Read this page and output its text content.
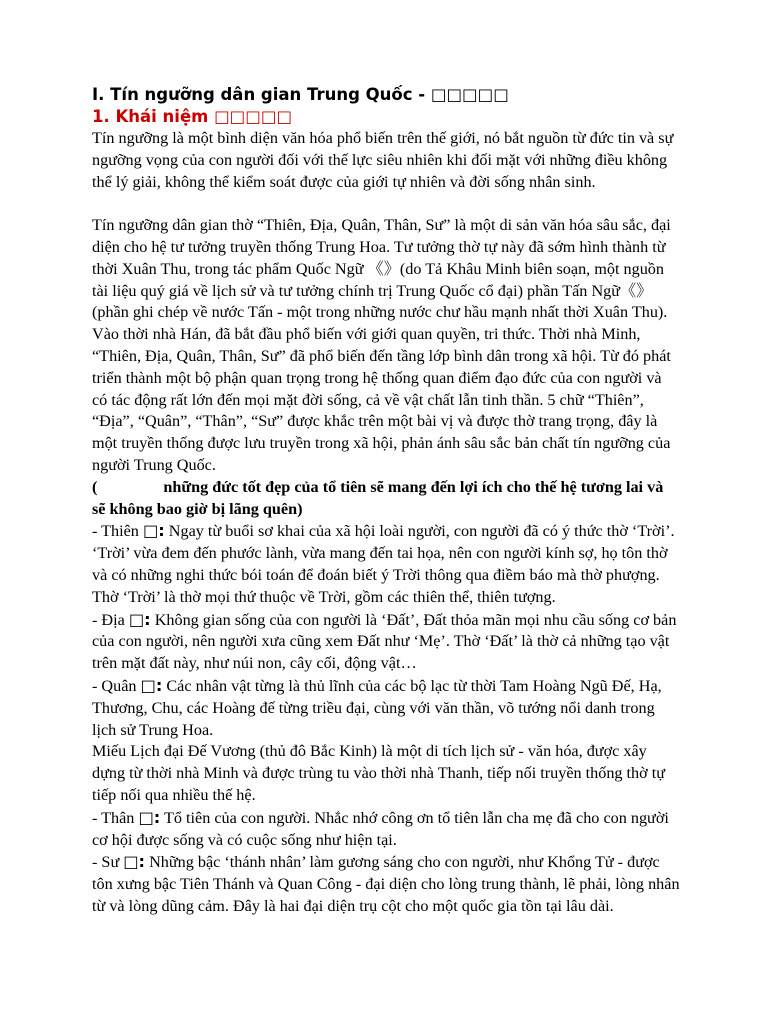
I. Tín ngưỡng dân gian Trung Quốc - □□□□□
1. Khái niệm □□□□□

Tín ngưỡng là một bình diện văn hóa phổ biến trên thế giới, nó bắt nguồn từ đức tin và sự ngưỡng vọng của con người đối với thế lực siêu nhiên khi đối mặt với những điều không thể lý giải, không thể kiểm soát được của giới tự nhiên và đời sống nhân sinh.

Tín ngưỡng dân gian thờ “Thiên, Địa, Quân, Thân, Sư” là một di sản văn hóa sâu sắc, đại diện cho hệ tư tưởng truyền thống Trung Hoa. Tư tưởng thờ tự này đã sớm hình thành từ thời Xuân Thu, trong tác phẩm Quốc Ngữ 《》(do Tả Khâu Minh biên soạn, một nguồn tài liệu quý giá về lịch sử và tư tưởng chính trị Trung Quốc cổ đại) phần Tấn Ngữ《》(phần ghi chép về nước Tấn - một trong những nước chư hầu mạnh nhất thời Xuân Thu). Vào thời nhà Hán, đã bắt đầu phổ biến với giới quan quyền, tri thức. Thời nhà Minh, “Thiên, Địa, Quân, Thân, Sư” đã phổ biến đến tầng lớp bình dân trong xã hội. Từ đó phát triển thành một bộ phận quan trọng trong hệ thống quan điểm đạo đức của con người và có tác động rất lớn đến mọi mặt đời sống, cả về vật chất lẫn tinh thần. 5 chữ “Thiên”, “Địa”, “Quân”, “Thân”, “Sư” được khắc trên một bài vị và được thờ trang trọng, đây là một truyền thống được lưu truyền trong xã hội, phản ánh sâu sắc bản chất tín ngưỡng của người Trung Quốc.

(	những đức tốt đẹp của tổ tiên sẽ mang đến lợi ích cho thế hệ tương lai và sẽ không bao giờ bị lãng quên)

- Thiên □: Ngay từ buổi sơ khai của xã hội loài người, con người đã có ý thức thờ ‘Trời’. ‘Trời’ vừa đem đến phước lành, vừa mang đến tai họa, nên con người kính sợ, họ tôn thờ và có những nghi thức bói toán để đoán biết ý Trời thông qua điềm báo mà thờ phượng. Thờ ‘Trời’ là thờ mọi thứ thuộc về Trời, gồm các thiên thể, thiên tượng.

- Địa □: Không gian sống của con người là ‘Đất’, Đất thỏa mãn mọi nhu cầu sống cơ bản của con người, nên người xưa cũng xem Đất như ‘Mẹ’. Thờ ‘Đất’ là thờ cả những tạo vật trên mặt đất này, như núi non, cây cối, động vật…

- Quân □: Các nhân vật từng là thủ lĩnh của các bộ lạc từ thời Tam Hoàng Ngũ Đế, Hạ, Thương, Chu, các Hoàng đế từng triều đại, cùng với văn thần, võ tướng nổi danh trong lịch sử Trung Hoa.

Miếu Lịch đại Đế Vương (thủ đô Bắc Kinh) là một di tích lịch sử - văn hóa, được xây dựng từ thời nhà Minh và được trùng tu vào thời nhà Thanh, tiếp nối truyền thống thờ tự tiếp nối qua nhiều thế hệ.

- Thân □: Tổ tiên của con người. Nhắc nhớ công ơn tổ tiên lẫn cha mẹ đã cho con người cơ hội được sống và có cuộc sống như hiện tại.

- Sư □: Những bậc ‘thánh nhân’ làm gương sáng cho con người, như Khổng Tử - được tôn xưng bậc Tiên Thánh và Quan Công - đại diện cho lòng trung thành, lẽ phải, lòng nhân từ và lòng dũng cảm. Đây là hai đại diện trụ cột cho một quốc gia tồn tại lâu dài.
